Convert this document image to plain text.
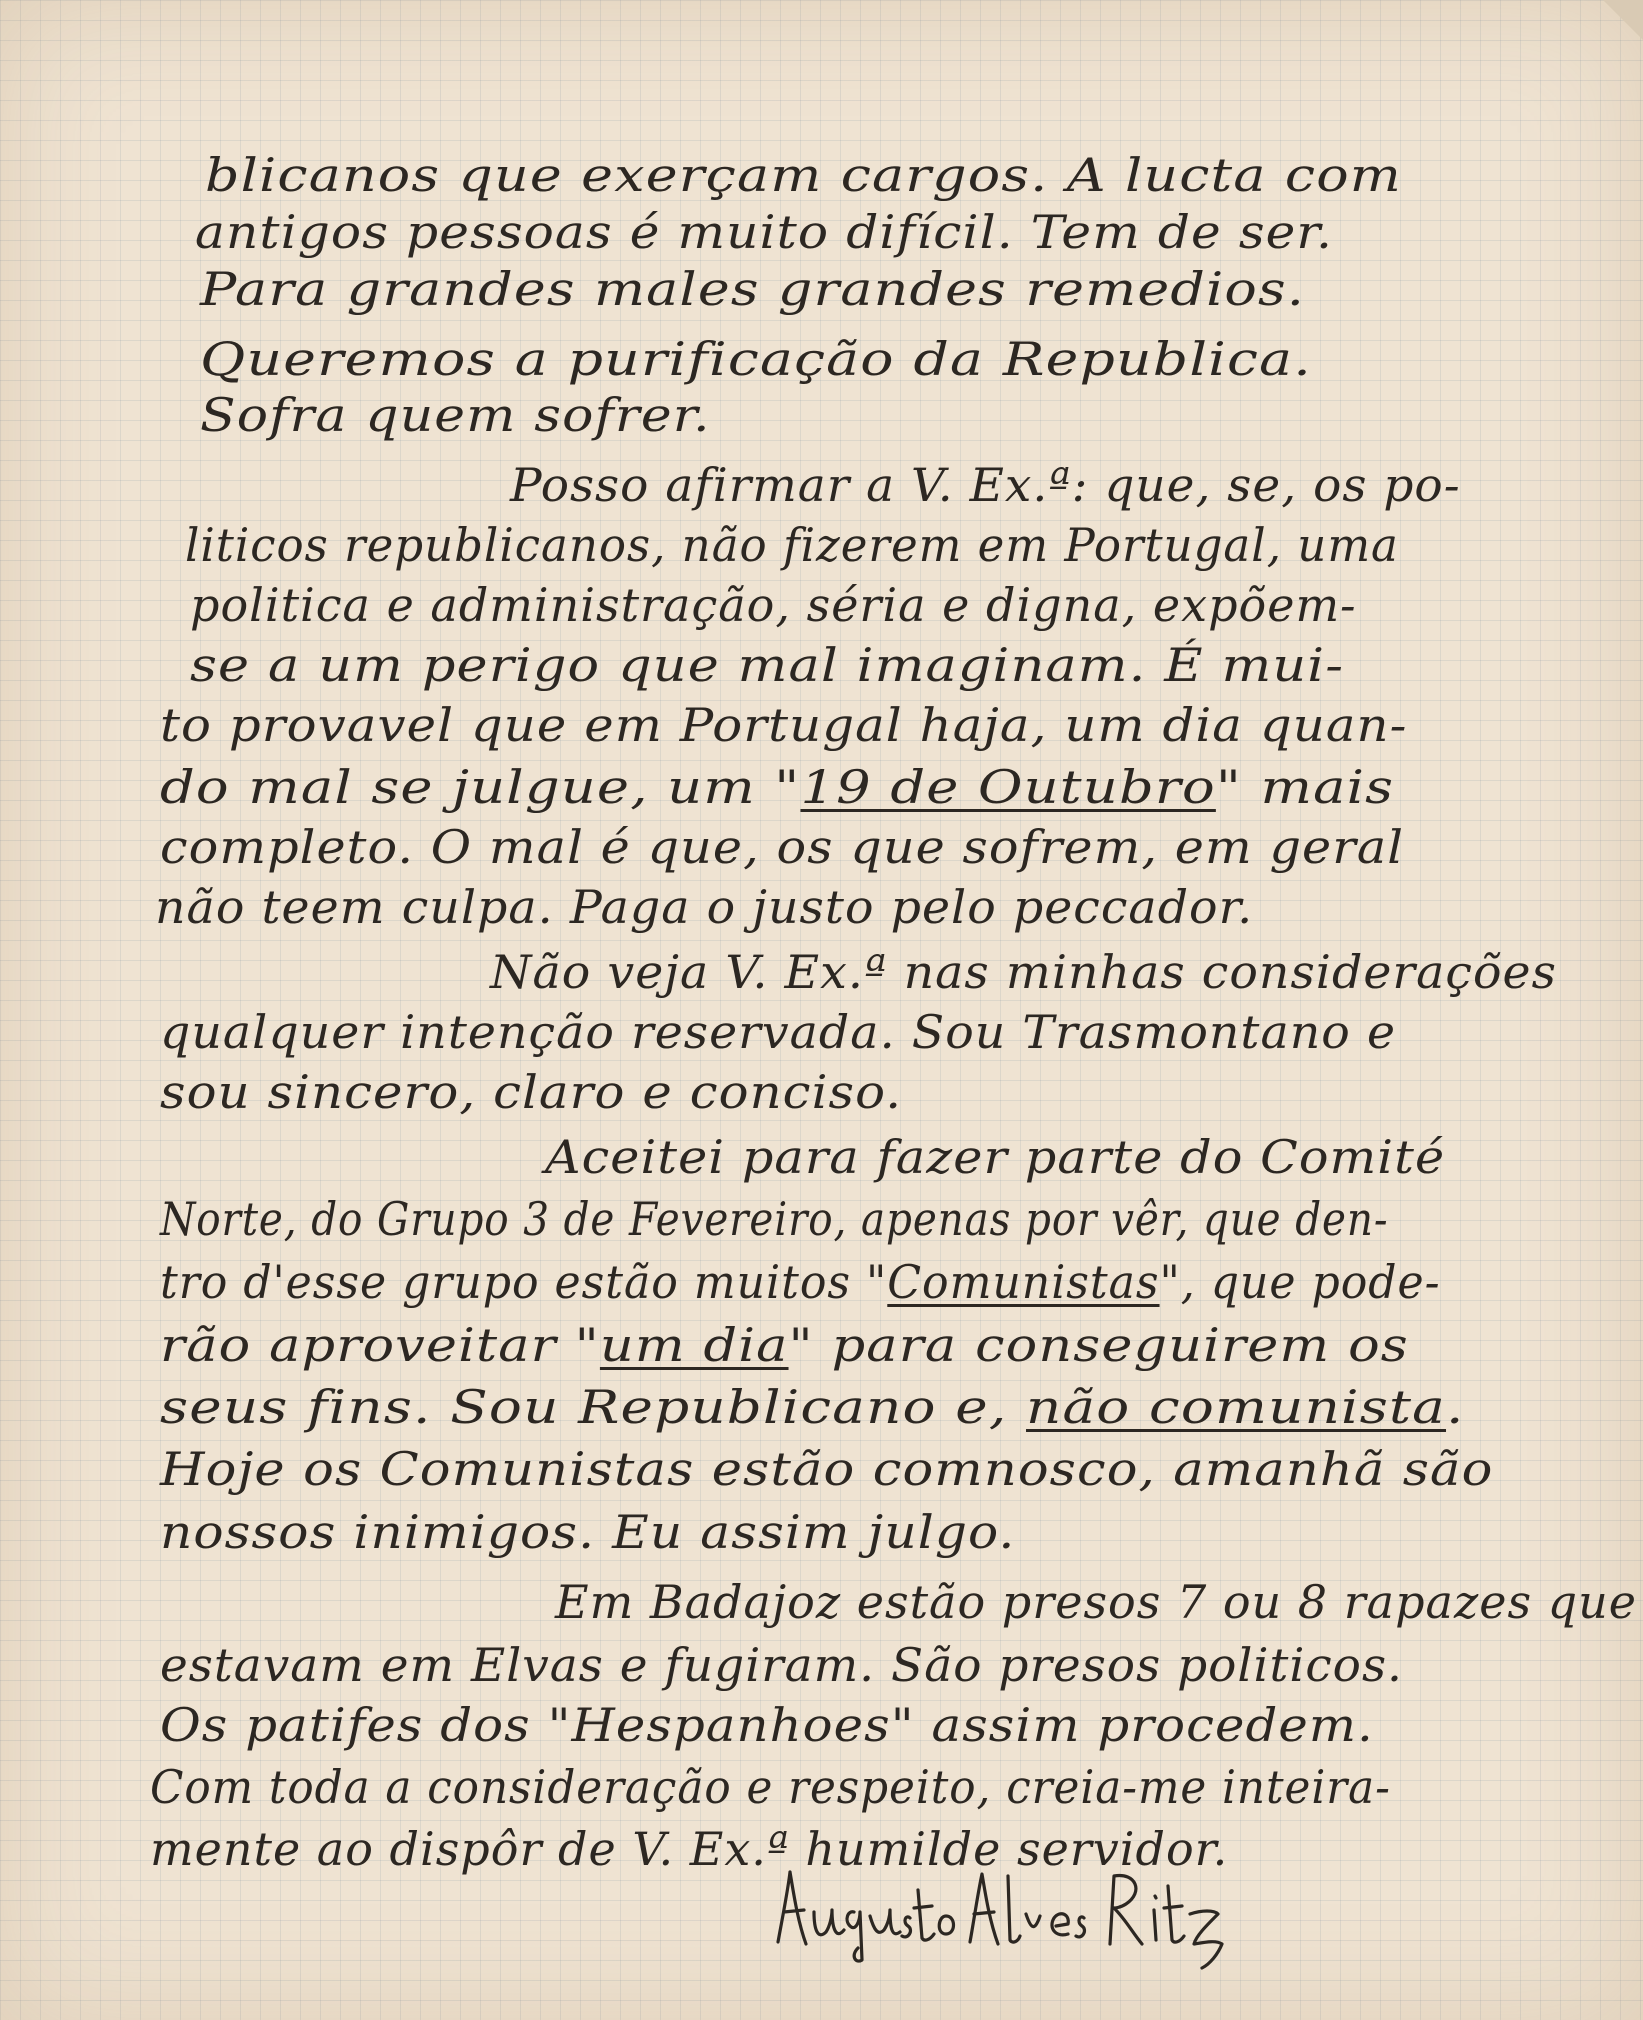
blicanos que exerçam cargos. A lucta com
antigos pessoas é muito difícil. Tem de ser.
Para grandes males grandes remedios.
Queremos a purificação da Republica.
Sofra quem sofrer.
Posso afirmar a V. Ex.ª: que, se, os po-
liticos republicanos, não fizerem em Portugal, uma
politica e administração, séria e digna, expõem-
se a um perigo que mal imaginam. É mui-
to provavel que em Portugal haja, um dia quan-
do mal se julgue, um "19 de Outubro" mais
completo. O mal é que, os que sofrem, em geral
não teem culpa. Paga o justo pelo peccador.
Não veja V. Ex.ª nas minhas considerações
qualquer intenção reservada. Sou Trasmontano e
sou sincero, claro e conciso.
Aceitei para fazer parte do Comité
Norte, do Grupo 3 de Fevereiro, apenas por vêr, que den-
tro d'esse grupo estão muitos "Comunistas", que pode-
rão aproveitar "um dia" para conseguirem os
seus fins. Sou Republicano e, não comunista.
Hoje os Comunistas estão comnosco, amanhã são
nossos inimigos. Eu assim julgo.
Em Badajoz estão presos 7 ou 8 rapazes que
estavam em Elvas e fugiram. São presos politicos.
Os patifes dos "Hespanhoes" assim procedem.
Com toda a consideração e respeito, creia-me inteira-
mente ao dispôr de V. Ex.ª humilde servidor.
